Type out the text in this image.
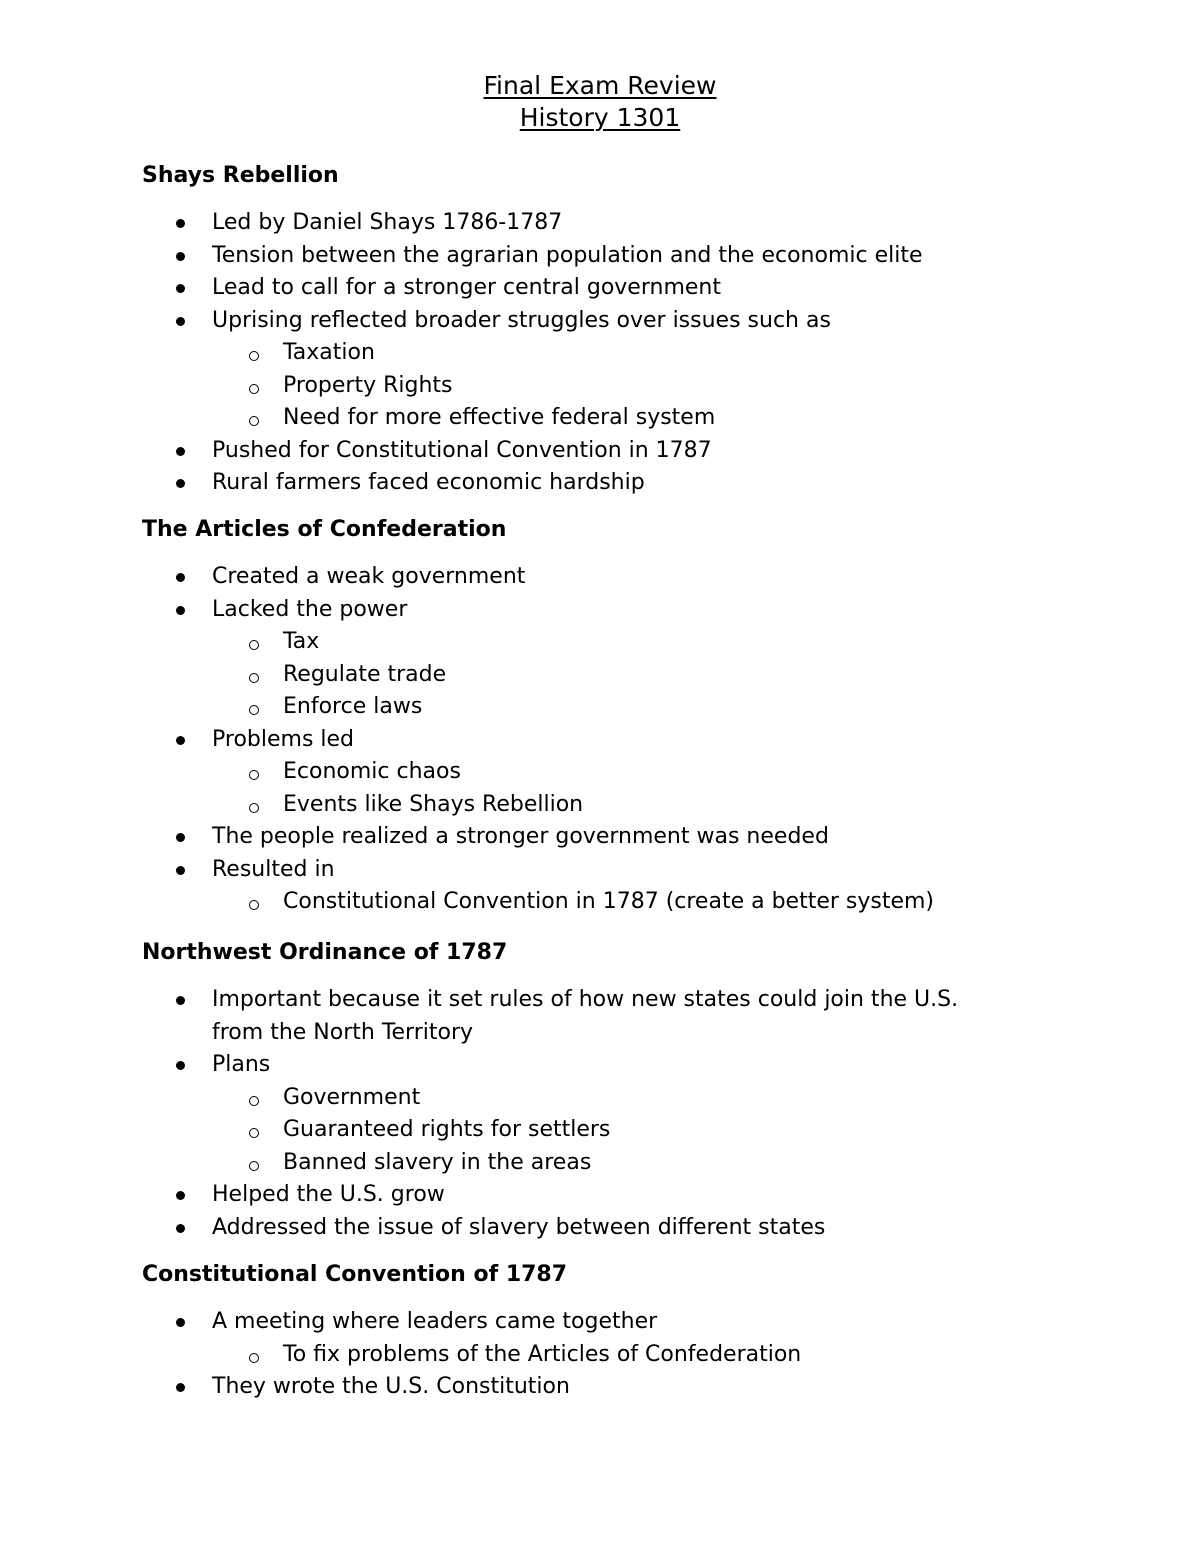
Final Exam Review
History 1301
Shays Rebellion
Led by Daniel Shays 1786-1787
Tension between the agrarian population and the economic elite
Lead to call for a stronger central government
Uprising reflected broader struggles over issues such as
Taxation
Property Rights
Need for more effective federal system
Pushed for Constitutional Convention in 1787
Rural farmers faced economic hardship
The Articles of Confederation
Created a weak government
Lacked the power
Tax
Regulate trade
Enforce laws
Problems led
Economic chaos
Events like Shays Rebellion
The people realized a stronger government was needed
Resulted in
Constitutional Convention in 1787 (create a better system)
Northwest Ordinance of 1787
Important because it set rules of how new states could join the U.S.
from the North Territory
Plans
Government
Guaranteed rights for settlers
Banned slavery in the areas
Helped the U.S. grow
Addressed the issue of slavery between different states
Constitutional Convention of 1787
A meeting where leaders came together
To fix problems of the Articles of Confederation
They wrote the U.S. Constitution
